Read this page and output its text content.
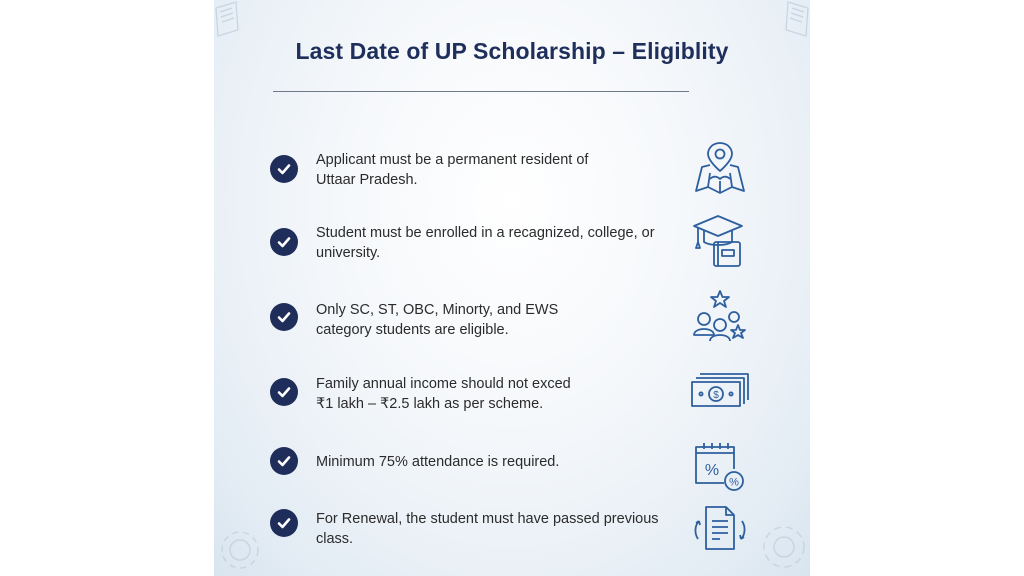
Last Date of UP Scholarship – Eligiblity
Applicant must be a permanent resident of
Uttaar Pradesh.
Student must be enrolled in a recagnized, college, or
university.
Only SC, ST, OBC, Minorty, and EWS
category students are eligible.
Family annual income should not exced
₹1 lakh – ₹2.5 lakh as per scheme.
$
Minimum 75% attendance is required.	%
%
For Renewal, the student must have passed previous
class.
